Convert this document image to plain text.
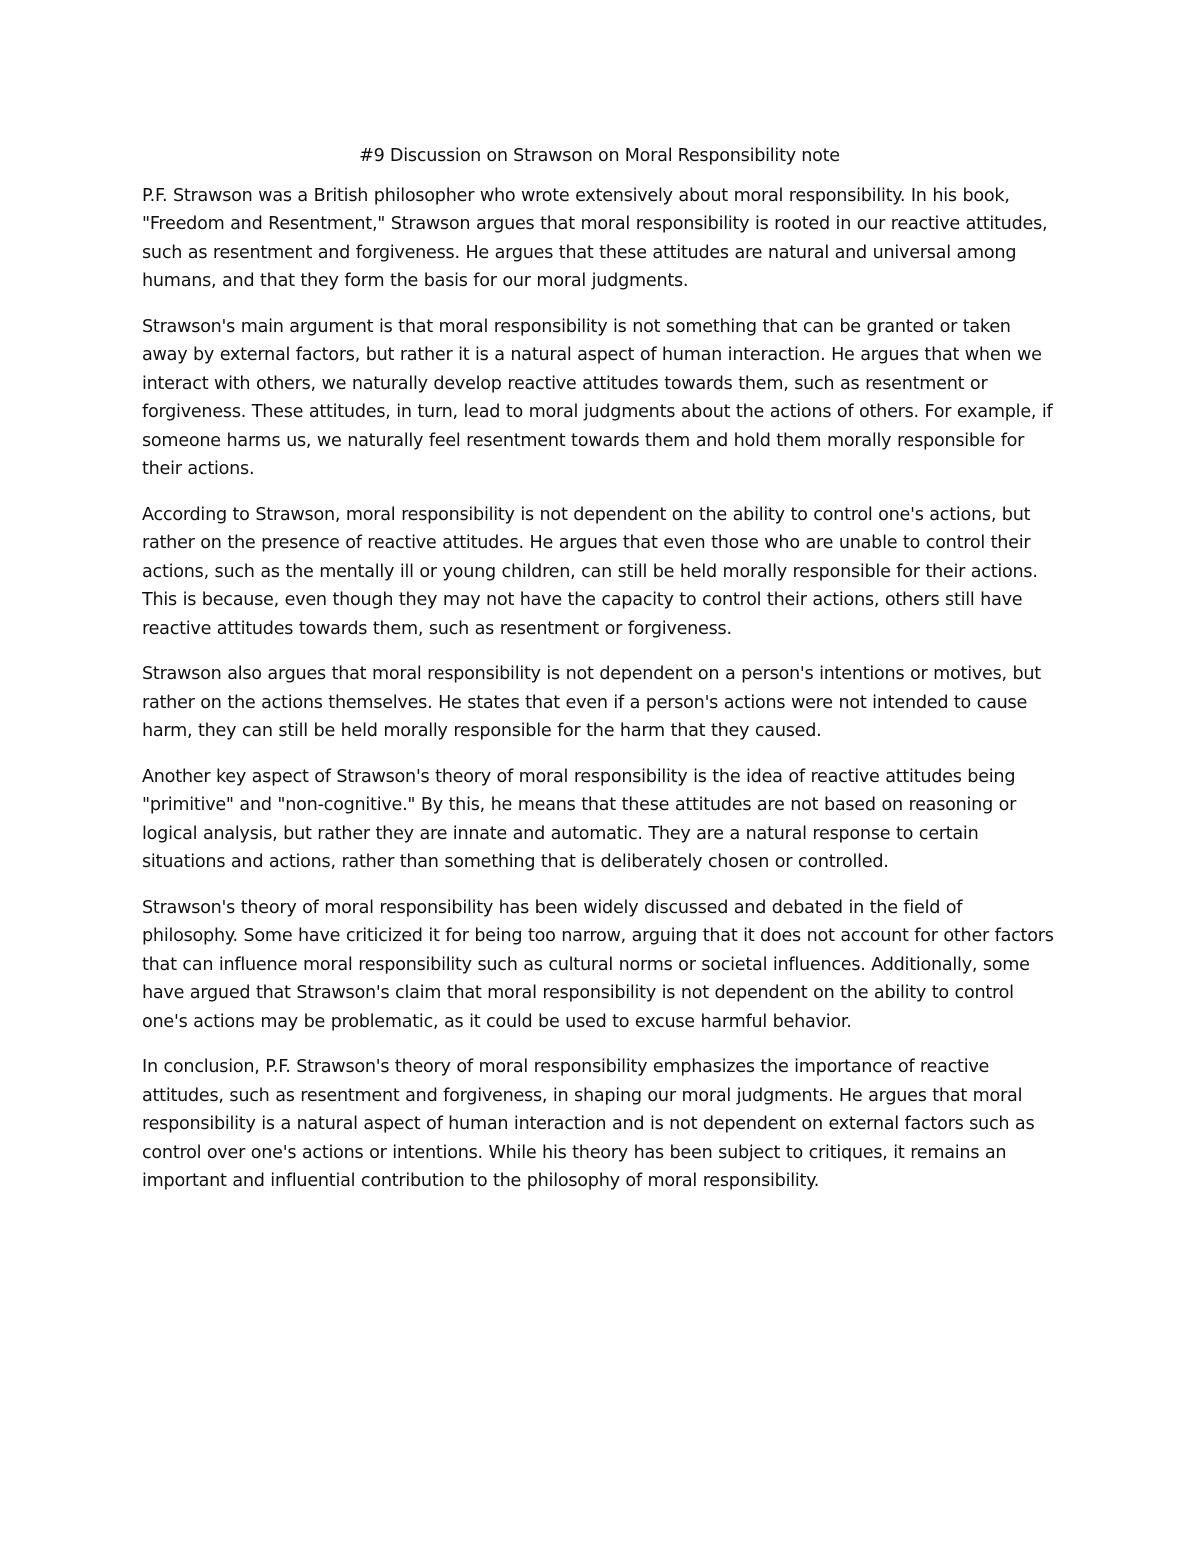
#9 Discussion on Strawson on Moral Responsibility note

P.F. Strawson was a British philosopher who wrote extensively about moral responsibility. In his book, "Freedom and Resentment," Strawson argues that moral responsibility is rooted in our reactive attitudes, such as resentment and forgiveness. He argues that these attitudes are natural and universal among humans, and that they form the basis for our moral judgments.

Strawson's main argument is that moral responsibility is not something that can be granted or taken away by external factors, but rather it is a natural aspect of human interaction. He argues that when we interact with others, we naturally develop reactive attitudes towards them, such as resentment or forgiveness. These attitudes, in turn, lead to moral judgments about the actions of others. For example, if someone harms us, we naturally feel resentment towards them and hold them morally responsible for their actions.

According to Strawson, moral responsibility is not dependent on the ability to control one's actions, but rather on the presence of reactive attitudes. He argues that even those who are unable to control their actions, such as the mentally ill or young children, can still be held morally responsible for their actions. This is because, even though they may not have the capacity to control their actions, others still have reactive attitudes towards them, such as resentment or forgiveness.

Strawson also argues that moral responsibility is not dependent on a person's intentions or motives, but rather on the actions themselves. He states that even if a person's actions were not intended to cause harm, they can still be held morally responsible for the harm that they caused.

Another key aspect of Strawson's theory of moral responsibility is the idea of reactive attitudes being "primitive" and "non-cognitive." By this, he means that these attitudes are not based on reasoning or logical analysis, but rather they are innate and automatic. They are a natural response to certain situations and actions, rather than something that is deliberately chosen or controlled.

Strawson's theory of moral responsibility has been widely discussed and debated in the field of philosophy. Some have criticized it for being too narrow, arguing that it does not account for other factors that can influence moral responsibility such as cultural norms or societal influences. Additionally, some have argued that Strawson's claim that moral responsibility is not dependent on the ability to control one's actions may be problematic, as it could be used to excuse harmful behavior.

In conclusion, P.F. Strawson's theory of moral responsibility emphasizes the importance of reactive attitudes, such as resentment and forgiveness, in shaping our moral judgments. He argues that moral responsibility is a natural aspect of human interaction and is not dependent on external factors such as control over one's actions or intentions. While his theory has been subject to critiques, it remains an important and influential contribution to the philosophy of moral responsibility.
